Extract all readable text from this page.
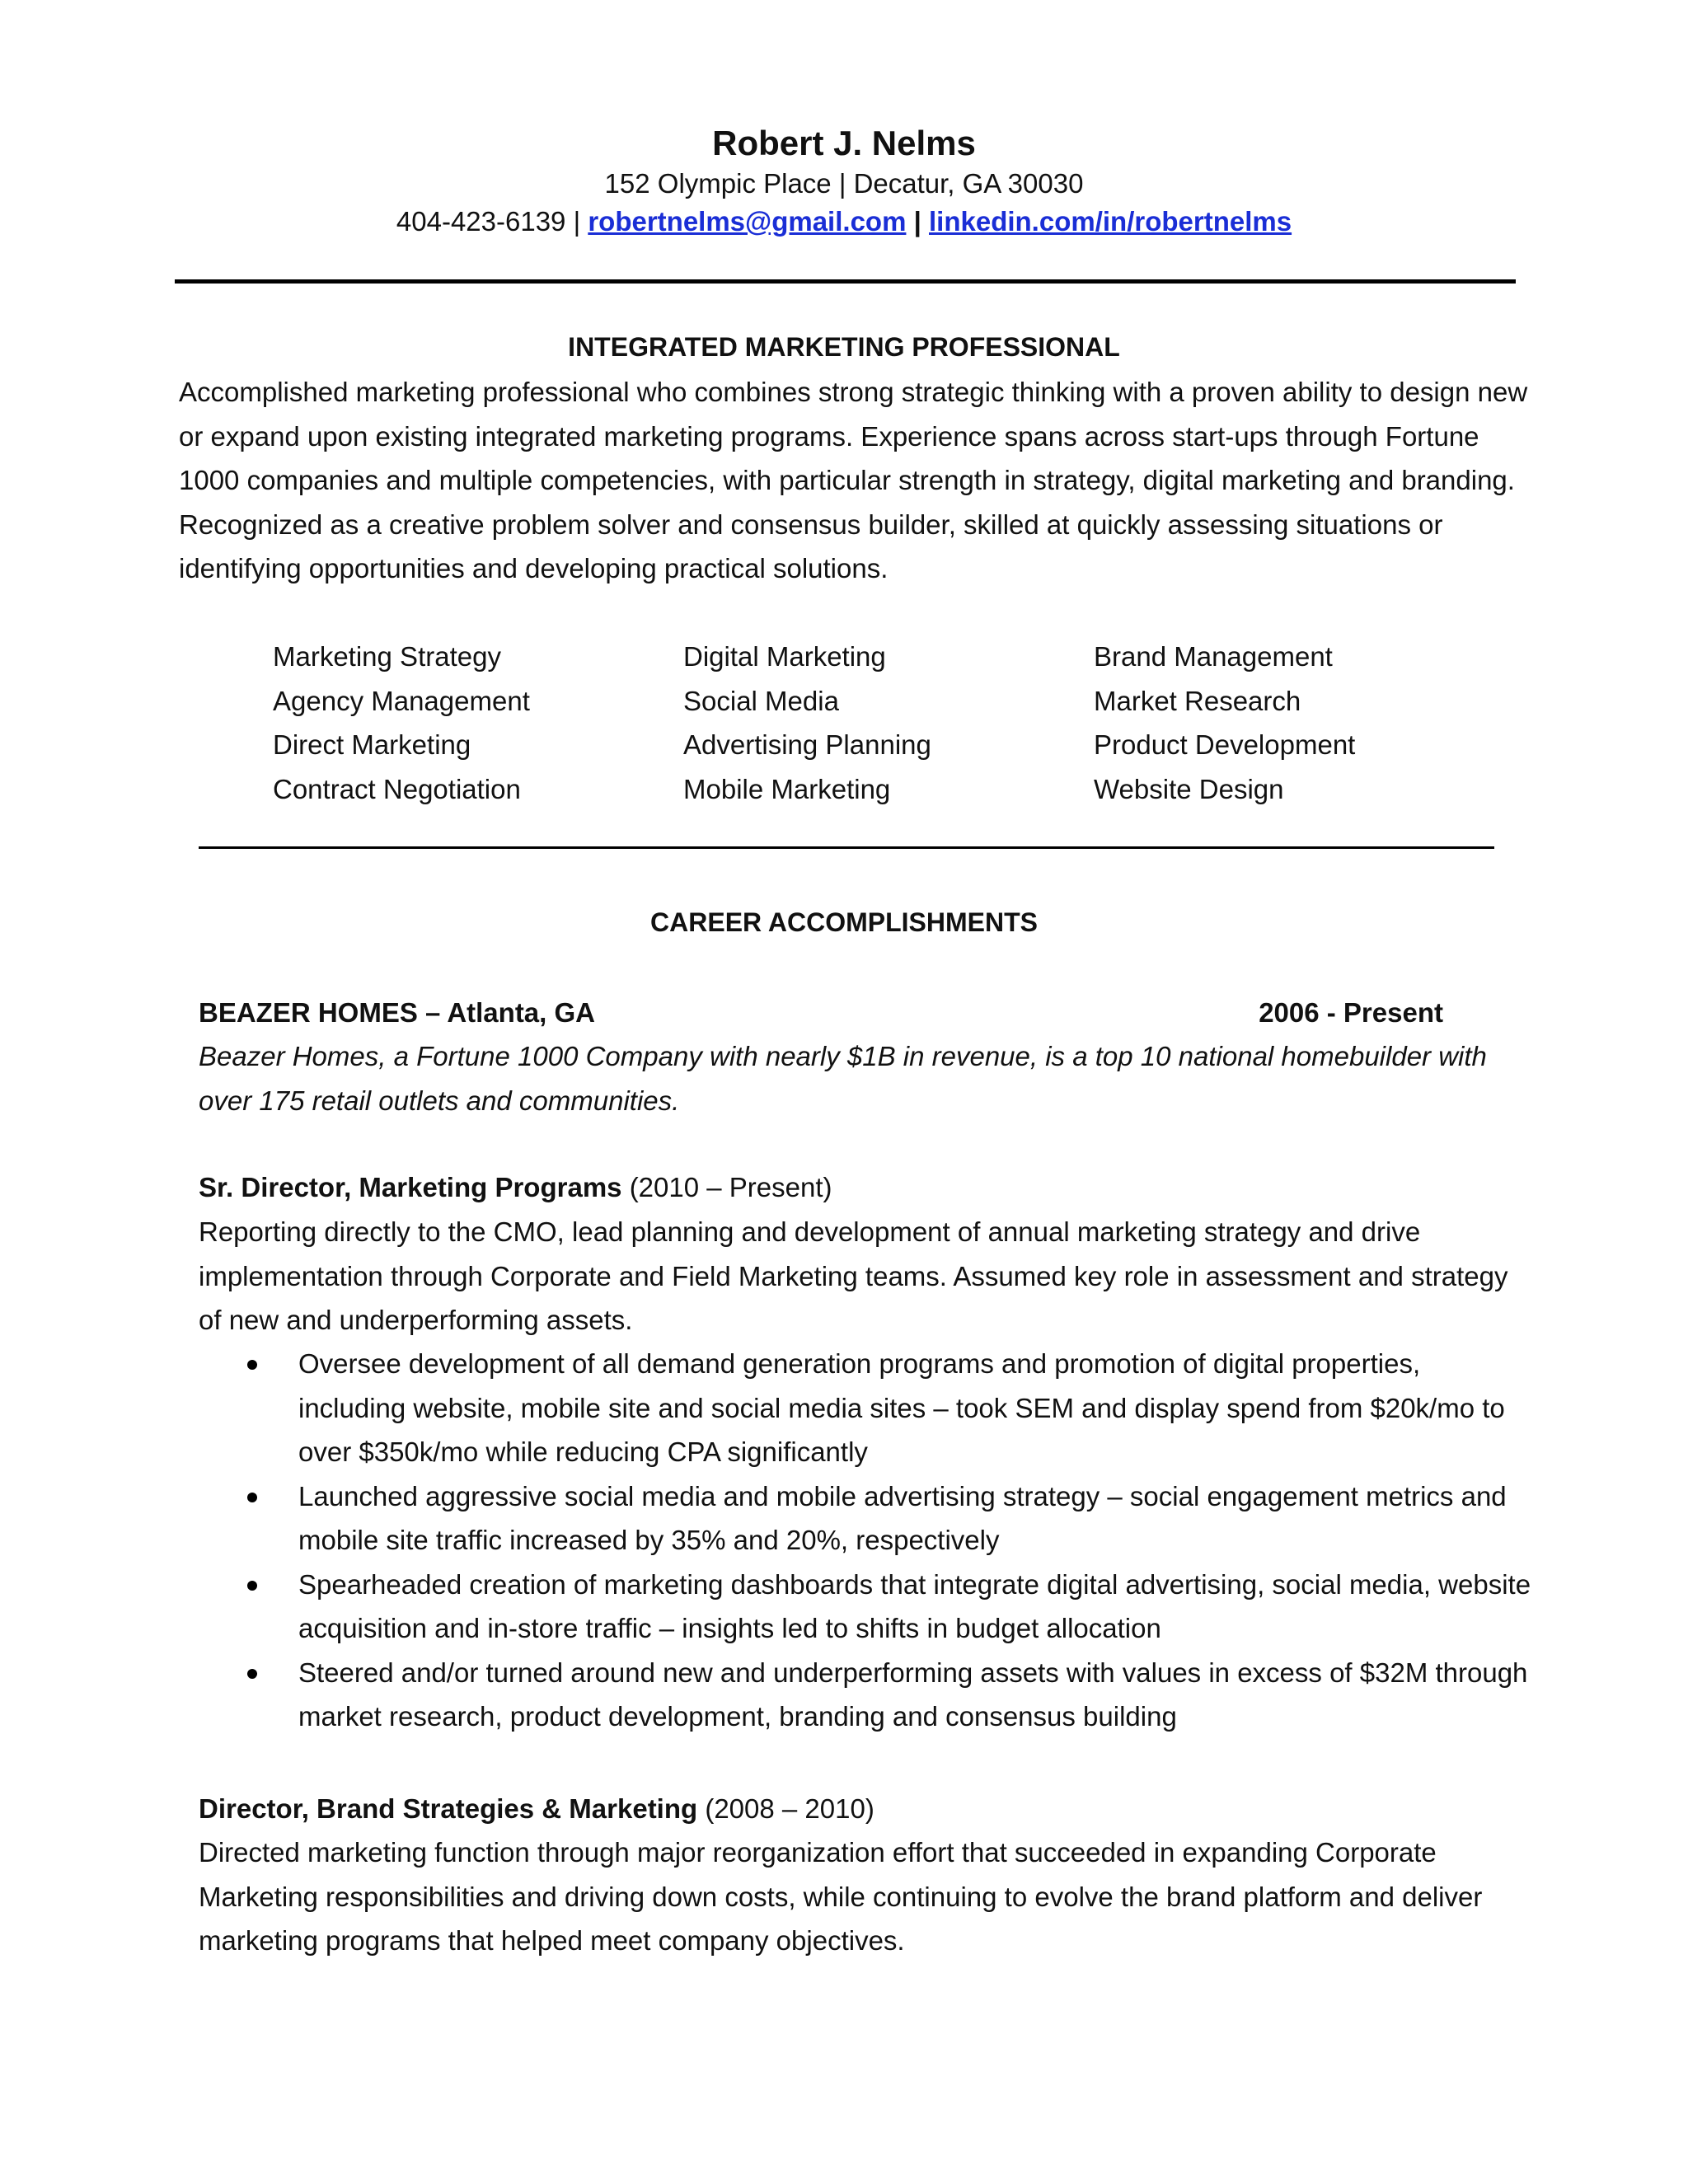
Robert J. Nelms
152 Olympic Place | Decatur, GA 30030
404-423-6139 | robertnelms@gmail.com | linkedin.com/in/robertnelms
INTEGRATED MARKETING PROFESSIONAL

Accomplished marketing professional who combines strong strategic thinking with a proven ability to design new or expand upon existing integrated marketing programs. Experience spans across start-ups through Fortune 1000 companies and multiple competencies, with particular strength in strategy, digital marketing and branding. Recognized as a creative problem solver and consensus builder, skilled at quickly assessing situations or identifying opportunities and developing practical solutions.

Marketing Strategy	Digital Marketing	Brand Management
Agency Management	Social Media	Market Research
Direct Marketing	Advertising Planning	Product Development
Contract Negotiation	Mobile Marketing	Website Design
CAREER ACCOMPLISHMENTS
BEAZER HOMES – Atlanta, GA	2006 - Present

Beazer Homes, a Fortune 1000 Company with nearly $1B in revenue, is a top 10 national homebuilder with over 175 retail outlets and communities.

Sr. Director, Marketing Programs (2010 – Present)

Reporting directly to the CMO, lead planning and development of annual marketing strategy and drive implementation through Corporate and Field Marketing teams. Assumed key role in assessment and strategy of new and underperforming assets.

Oversee development of all demand generation programs and promotion of digital properties, including website, mobile site and social media sites – took SEM and display spend from $20k/mo to over $350k/mo while reducing CPA significantly
Launched aggressive social media and mobile advertising strategy – social engagement metrics and mobile site traffic increased by 35% and 20%, respectively
Spearheaded creation of marketing dashboards that integrate digital advertising, social media, website acquisition and in-store traffic – insights led to shifts in budget allocation
Steered and/or turned around new and underperforming assets with values in excess of $32M through market research, product development, branding and consensus building
Director, Brand Strategies & Marketing (2008 – 2010)

Directed marketing function through major reorganization effort that succeeded in expanding Corporate Marketing responsibilities and driving down costs, while continuing to evolve the brand platform and deliver marketing programs that helped meet company objectives.
